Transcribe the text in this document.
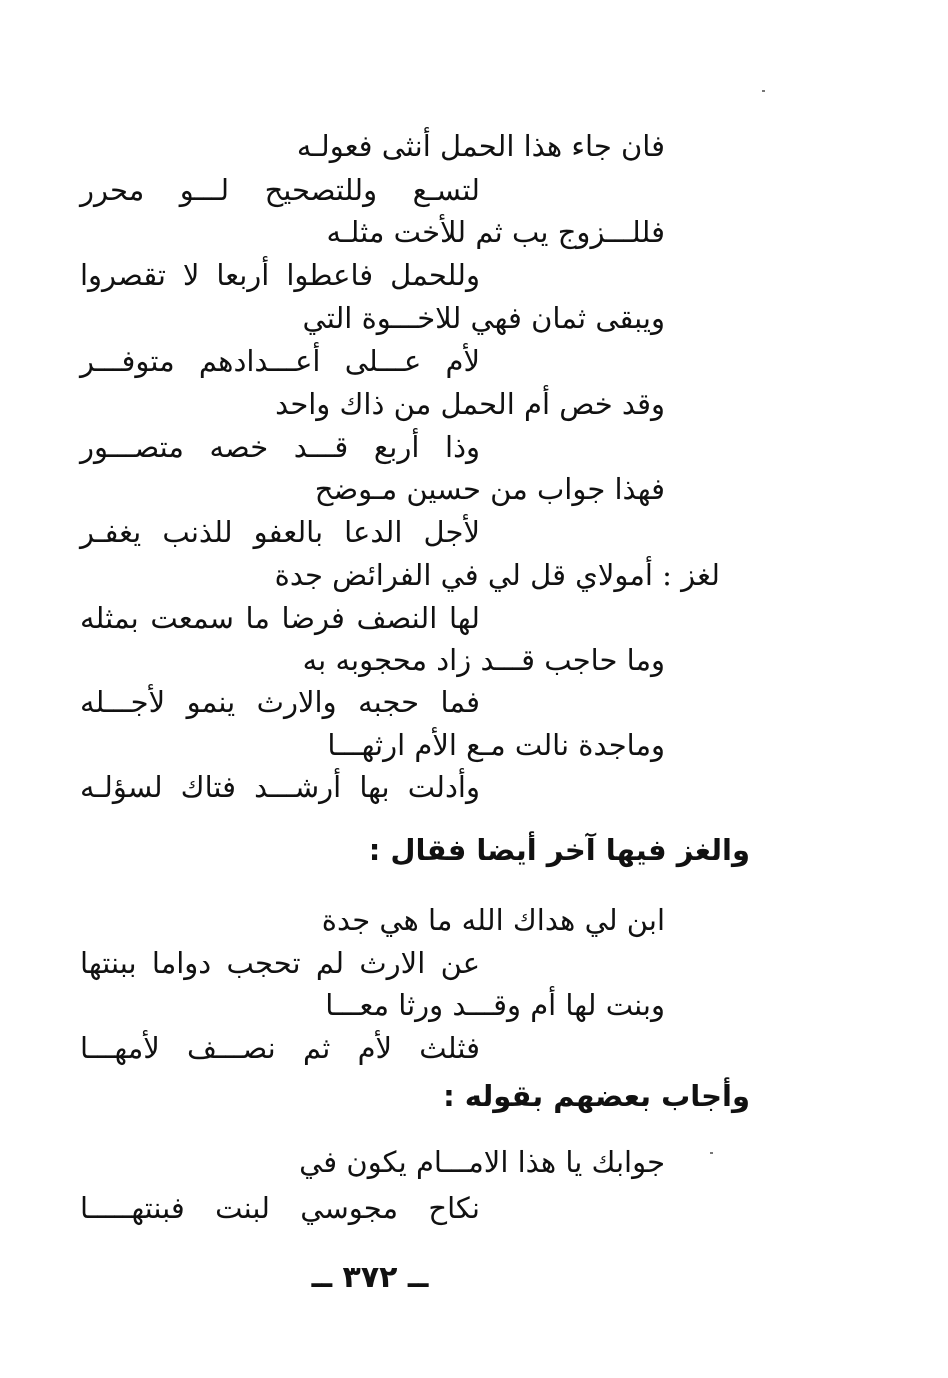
فان جاء هذا الحمل أنثى فعولـه
لتسـع وللتصحيح لـــو محرر
فللـــزوج يب ثم للأخت مثلـه
وللحمل فاعطوا أربعا لا تقصروا
ويبقى ثمان فهي للاخـــوة التي
لأم عـــلى أعـــدادهم متوفـــر
وقد خص أم الحمل من ذاك واحد
وذا أربع قـــد خصه متصـــور
فهذا جواب من حسين مـوضح
لأجل الدعا بالعفو للذنب يغفـر
لغز : أمولاي قل لي في الفرائض جدة
لها النصف فرضا ما سمعت بمثله
وما حاجب قـــد زاد محجوبه به
فما حجبه والارث ينمو لأجـــله
وماجدة نالت مـع الأم ارثهـــا
وأدلت بها أرشـــد فتاك لسؤلـه
والغز فيها آخر أيضا فقال :
ابن لي هداك الله ما هي جدة
عن الارث لم تحجب دواما ببنتها
وبنت لها أم وقـــد ورثا معـــا
فثلث لأم ثم نصـــف لأمهـــا
وأجاب بعضهم بقوله :
جوابك يا هذا الامـــام يكون في
نكاح مجوسي لبنت فبنتهـــــا
ــ ٣٧٢ ــ
